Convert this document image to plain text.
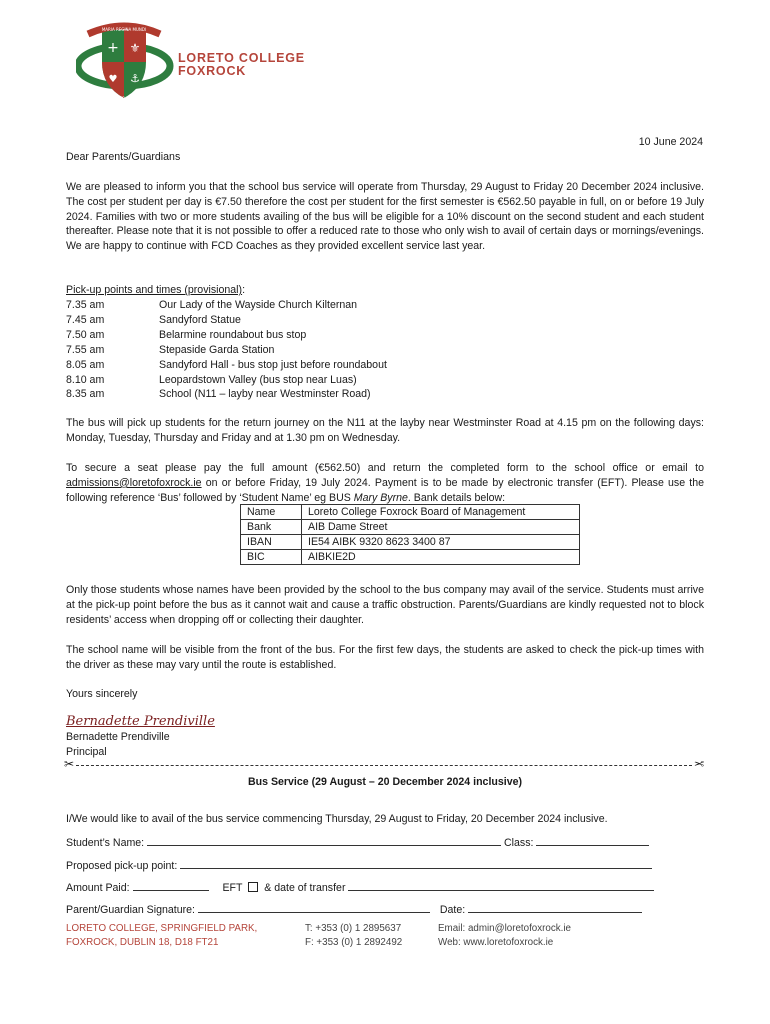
+ ⚜
♥ ⚓
MARIA REGINA MUNDI
ALUMNAE	EST
FOXROCK
LORETO COLLEGE
FOXROCK
10 June 2024
Dear Parents/Guardians
We are pleased to inform you that the school bus service will operate from Thursday, 29 August to Friday 20 December 2024 inclusive. The cost per student per day is €7.50 therefore the cost per student for the first semester is €562.50 payable in full, on or before 19 July 2024. Families with two or more students availing of the bus will be eligible for a 10% discount on the second student and each student thereafter. Please note that it is not possible to offer a reduced rate to those who only wish to avail of certain days or mornings/evenings. We are happy to continue with FCD Coaches as they provided excellent service last year.
Pick-up points and times (provisional):
7.35 am	Our Lady of the Wayside Church Kilternan
7.45 am	Sandyford Statue
7.50 am	Belarmine roundabout bus stop
7.55 am	Stepaside Garda Station
8.05 am	Sandyford Hall - bus stop just before roundabout
8.10 am	Leopardstown Valley (bus stop near Luas)
8.35 am	School (N11 – layby near Westminster Road)
The bus will pick up students for the return journey on the N11 at the layby near Westminster Road at 4.15 pm on the following days: Monday, Tuesday, Thursday and Friday and at 1.30 pm on Wednesday.
To secure a seat please pay the full amount (€562.50) and return the completed form to the school office or email to admissions@loretofoxrock.ie on or before Friday, 19 July 2024. Payment is to be made by electronic transfer (EFT). Please use the following reference ‘Bus’ followed by ‘Student Name’ eg BUS Mary Byrne. Bank details below:
Name	Loreto College Foxrock Board of Management
Bank	AIB Dame Street
IBAN	IE54 AIBK 9320 8623 3400 87
BIC	AIBKIE2D
Only those students whose names have been provided by the school to the bus company may avail of the service. Students must arrive at the pick-up point before the bus as it cannot wait and cause a traffic obstruction. Parents/Guardians are kindly requested not to block residents’ access when dropping off or collecting their daughter.
The school name will be visible from the front of the bus. For the first few days, the students are asked to check the pick-up times with the driver as these may vary until the route is established.
Yours sincerely
Bernadette Prendiville
Bernadette Prendiville
Principal
✂	✂
Bus Service (29 August – 20 December 2024 inclusive)
I/We would like to avail of the bus service commencing Thursday, 29 August to Friday, 20 December 2024 inclusive.
Student’s Name:	Class:
Proposed pick-up point:
Amount Paid:	EFT & date of transfer
Parent/Guardian Signature:	Date:
LORETO COLLEGE, SPRINGFIELD PARK,
FOXROCK, DUBLIN 18, D18 FT21
T: +353 (0) 1 2895637
F: +353 (0) 1 2892492
Email: admin@loretofoxrock.ie
Web: www.loretofoxrock.ie
